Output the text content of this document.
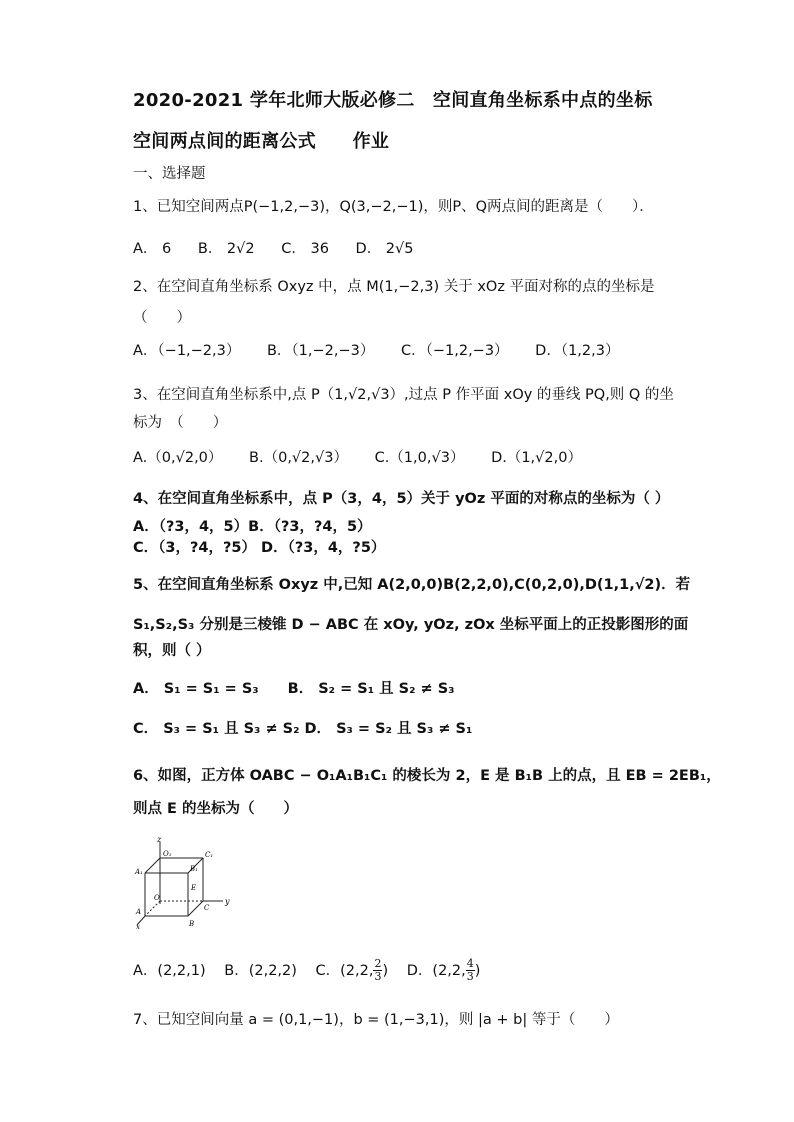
2020-2021 学年北师大版必修二　空间直角坐标系中点的坐标
空间两点间的距离公式　　作业
一、选择题
1、已知空间两点P(−1,2,−3)，Q(3,−2,−1)，则P、Q两点间的距离是（　　）．
A． 6 B． 2√2 C． 36 D． 2√5
2、在空间直角坐标系 Oxyz 中，点 M(1,−2,3) 关于 xOz 平面对称的点的坐标是
（　　）
A．（−1,−2,3） B．（1,−2,−3） C．（−1,2,−3） D．（1,2,3）
3、在空间直角坐标系中,点 P（1,√2,√3）,过点 P 作平面 xOy 的垂线 PQ,则 Q 的坐
标为　（　　）
A.（0,√2,0） B.（0,√2,√3） C.（1,0,√3） D.（1,√2,0）
4、在空间直角坐标系中，点 P（3，4，5）关于 yOz 平面的对称点的坐标为（ ）
A．（?3，4，5）B．（?3，?4，5）
C．（3，?4，?5） D．（?3，4，?5）
5、在空间直角坐标系 Oxyz 中,已知 A(2,0,0)B(2,2,0),C(0,2,0),D(1,1,√2)．若
S₁,S₂,S₃ 分别是三棱锥 D − ABC 在 xOy, yOz, zOx 坐标平面上的正投影图形的面
积，则（ ）
A． S₁ = S₁ = S₃　　B． S₂ = S₁ 且 S₂ ≠ S₃
C． S₃ = S₁ 且 S₃ ≠ S₂ D． S₃ = S₂ 且 S₃ ≠ S₁
6、如图，正方体 OABC − O₁A₁B₁C₁ 的棱长为 2，E 是 B₁B 上的点，且 EB = 2EB₁，
则点 E 的坐标为（　　）
z
O₁	C₁
A₁	B₁
O
E
C
y
A
B
x
A．(2,2,1) B．(2,2,2) C．(2,2, $\frac{2}{3}$ ) D．(2,2, $\frac{4}{3}$ )
7、已知空间向量 a = (0,1,−1)，b = (1,−3,1)，则 |a + b| 等于（　　）
